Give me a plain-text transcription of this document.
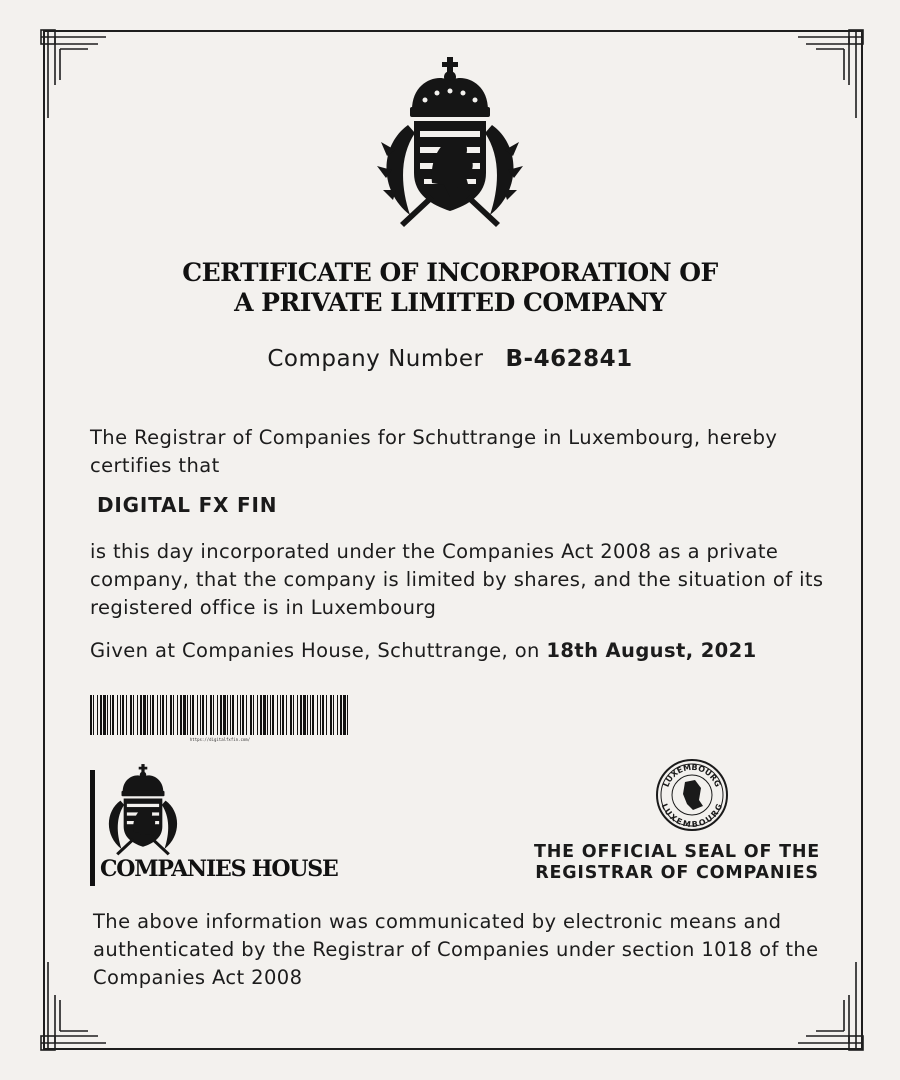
CERTIFICATE OF INCORPORATION OF
A PRIVATE LIMITED COMPANY
Company Number B-462841
The Registrar of Companies for Schuttrange in Luxembourg, hereby certifies that
DIGITAL FX FIN
is this day incorporated under the Companies Act 2008 as a private company, that the company is limited by shares, and the situation of its registered office is in Luxembourg
Given at Companies House, Schuttrange, on 18th August, 2021
https://digitalfxfin.com/
COMPANIES HOUSE
LUXEMBOURG
LUXEMBOURG
THE OFFICIAL SEAL OF THE
REGISTRAR OF COMPANIES
The above information was communicated by electronic means and authenticated by the Registrar of Companies under section 1018 of the Companies Act 2008
